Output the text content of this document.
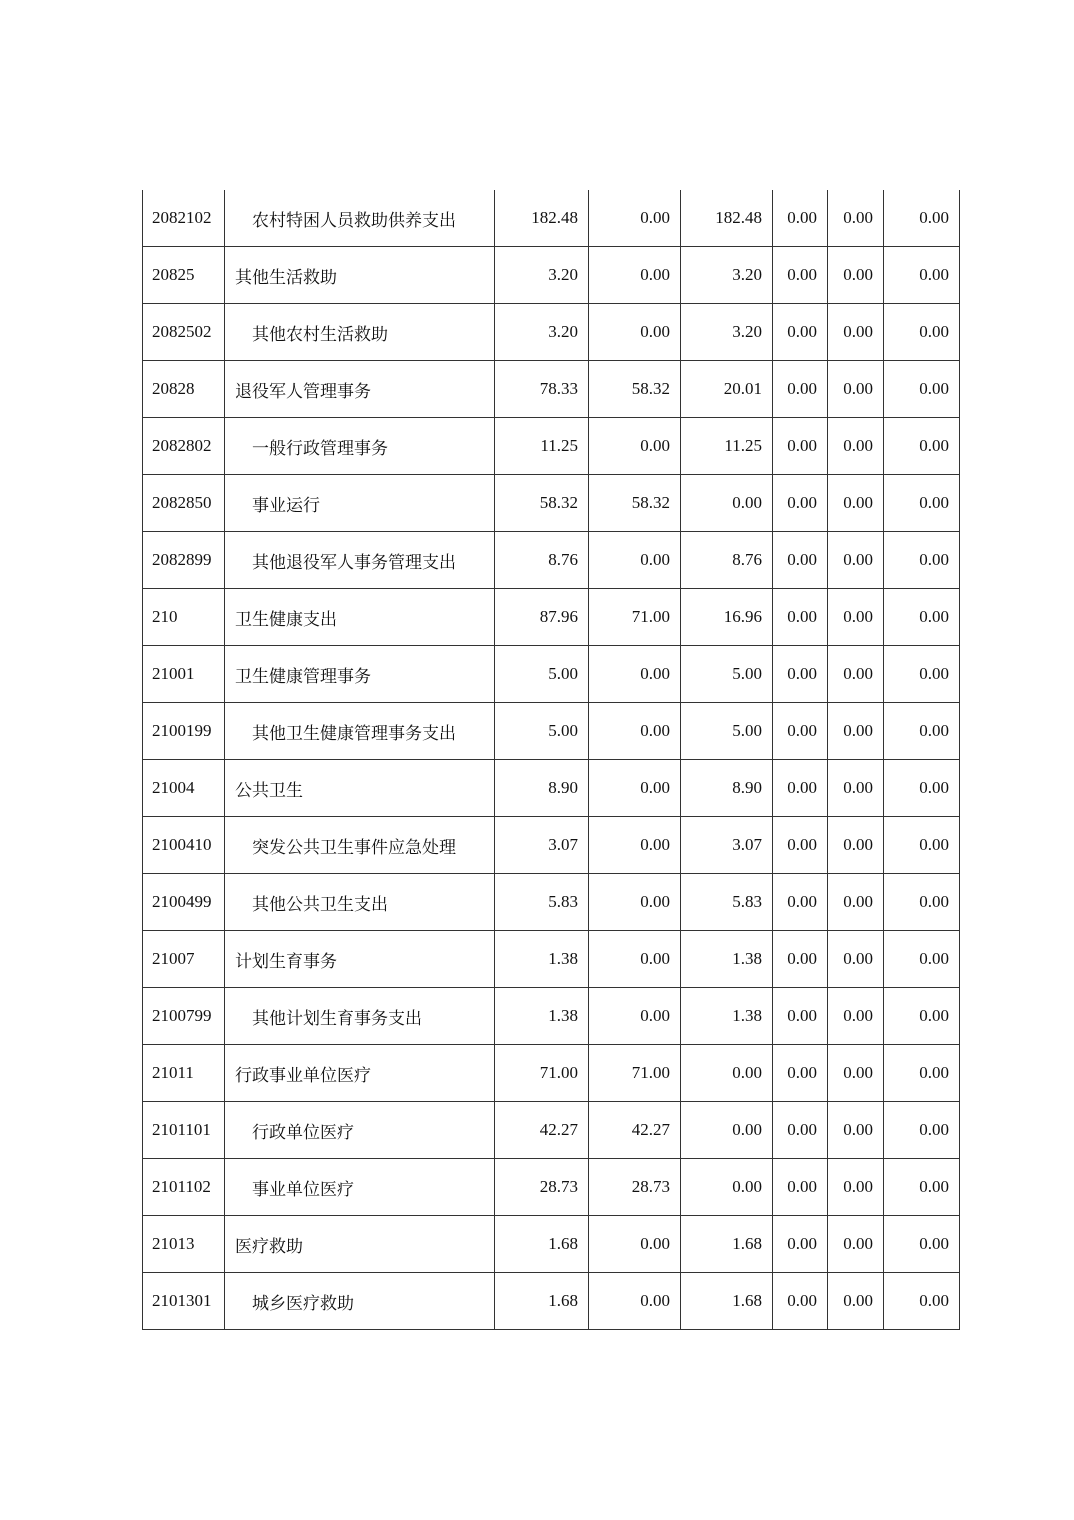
2082102	农村特困人员救助供养支出	182.48	0.00	182.48	0.00	0.00	0.00
20825	其他生活救助	3.20	0.00	3.20	0.00	0.00	0.00
2082502	其他农村生活救助	3.20	0.00	3.20	0.00	0.00	0.00
20828	退役军人管理事务	78.33	58.32	20.01	0.00	0.00	0.00
2082802	一般行政管理事务	11.25	0.00	11.25	0.00	0.00	0.00
2082850	事业运行	58.32	58.32	0.00	0.00	0.00	0.00
2082899	其他退役军人事务管理支出	8.76	0.00	8.76	0.00	0.00	0.00
210	卫生健康支出	87.96	71.00	16.96	0.00	0.00	0.00
21001	卫生健康管理事务	5.00	0.00	5.00	0.00	0.00	0.00
2100199	其他卫生健康管理事务支出	5.00	0.00	5.00	0.00	0.00	0.00
21004	公共卫生	8.90	0.00	8.90	0.00	0.00	0.00
2100410	突发公共卫生事件应急处理	3.07	0.00	3.07	0.00	0.00	0.00
2100499	其他公共卫生支出	5.83	0.00	5.83	0.00	0.00	0.00
21007	计划生育事务	1.38	0.00	1.38	0.00	0.00	0.00
2100799	其他计划生育事务支出	1.38	0.00	1.38	0.00	0.00	0.00
21011	行政事业单位医疗	71.00	71.00	0.00	0.00	0.00	0.00
2101101	行政单位医疗	42.27	42.27	0.00	0.00	0.00	0.00
2101102	事业单位医疗	28.73	28.73	0.00	0.00	0.00	0.00
21013	医疗救助	1.68	0.00	1.68	0.00	0.00	0.00
2101301	城乡医疗救助	1.68	0.00	1.68	0.00	0.00	0.00
